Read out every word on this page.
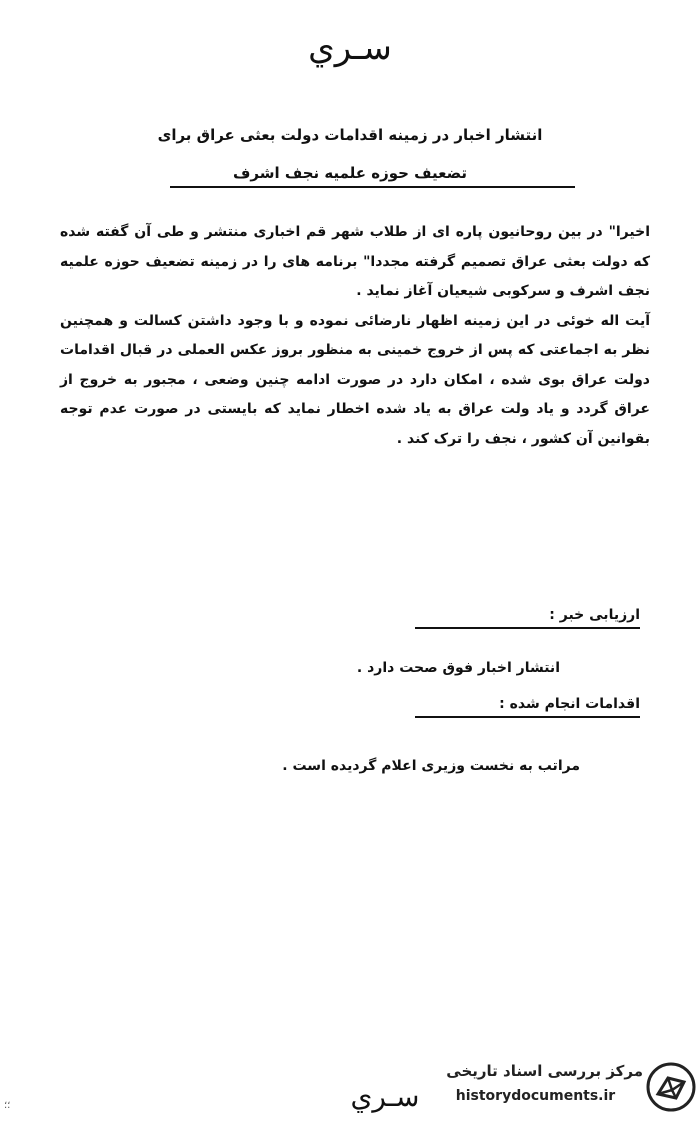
سـري
انتشار اخبار در زمینه اقدامات دولت بعثی عراق برای
تضعیف حوزه علمیه نجف اشرف

اخیرا" در بین روحانیون پاره ای از طلاب شهر قم اخباری منتشر و طی آن گفته شده که دولت بعثی عراق تصمیم گرفته مجددا" برنامه های را در زمینه تضعیف حوزه علمیه نجف اشرف و سرکوبی شیعیان آغاز نماید .

آیت اله خوئی در این زمینه اظهار نارضائی نموده و با وجود داشتن کسالت و همچنین نظر به اجماعتی که پس از خروج خمینی به منظور بروز عکس العملی در قبال اقدامات دولت عراق بوی شده ، امکان دارد در صورت ادامه چنین وضعی ، مجبور به خروج از عراق گردد و یاد ولت عراق به یاد شده اخطار نماید که بایستی در صورت عدم توجه بقوانین آن کشور ، نجف را ترک کند .

ارزیابی خبر :
انتشار اخبار فوق صحت دارد .
اقدامات انجام شده :
مراتب به نخست وزیری اعلام گردیده است .
سـري
؛؛
مرکز بررسی اسناد تاریخی
historydocuments.ir
